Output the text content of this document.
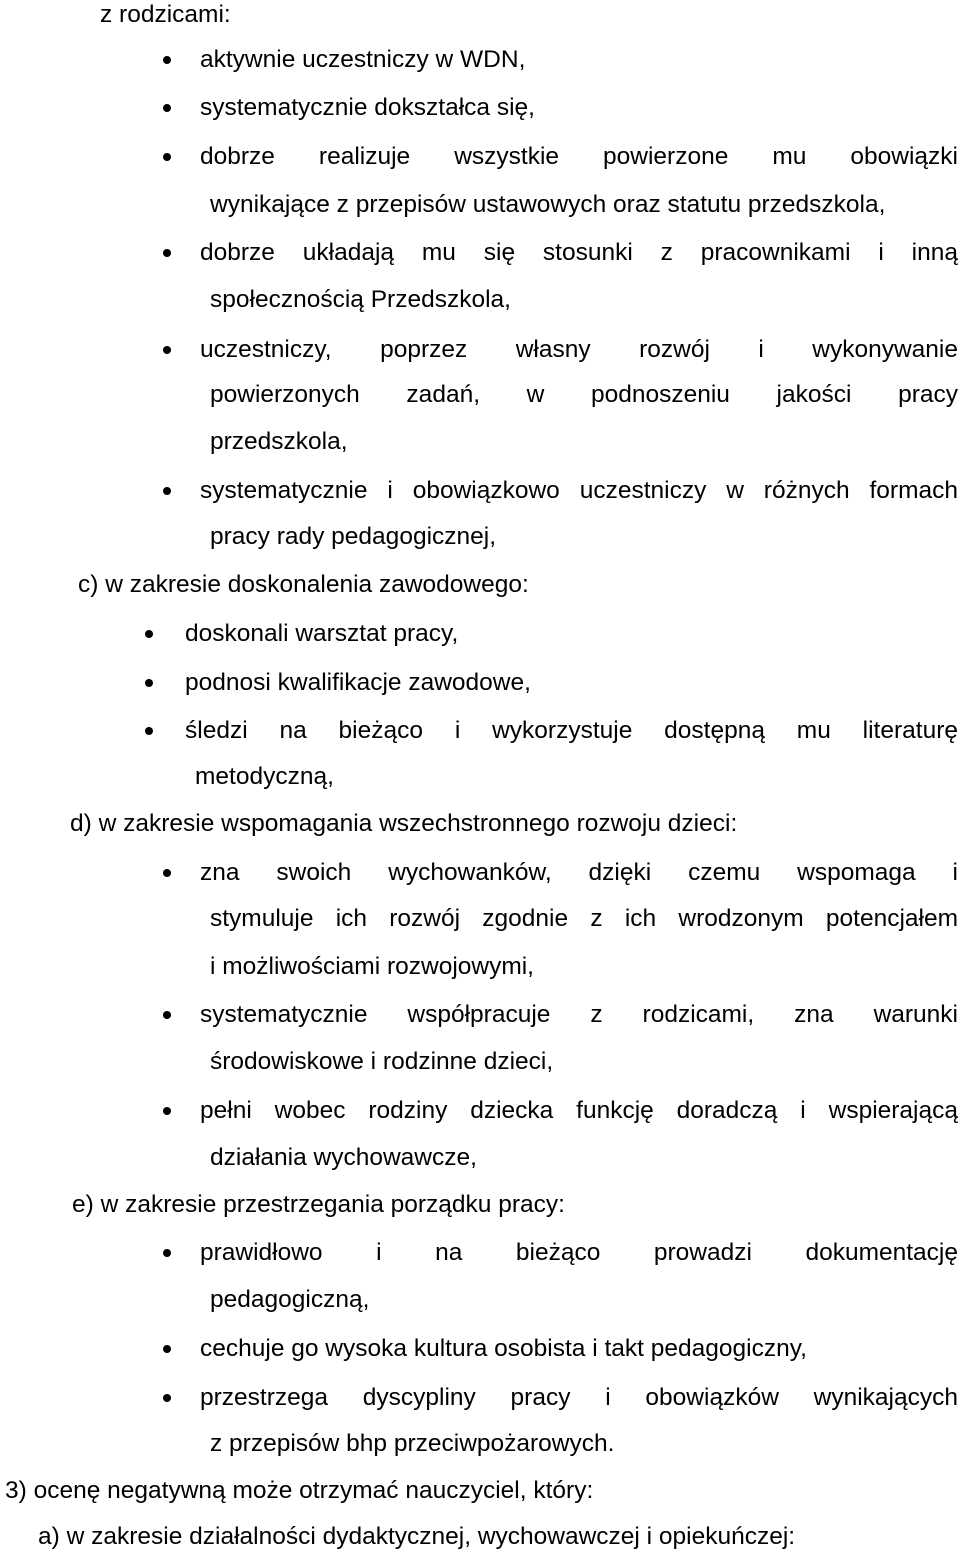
z rodzicami:
aktywnie uczestniczy w WDN,
systematycznie dokształca się,
dobrze realizuje wszystkie powierzone mu obowiązki
wynikające z przepisów ustawowych oraz statutu przedszkola,
dobrze układają mu się stosunki z pracownikami i inną
społecznością Przedszkola,
uczestniczy, poprzez własny rozwój i wykonywanie
powierzonych zadań, w podnoszeniu jakości pracy
przedszkola,
systematycznie i obowiązkowo uczestniczy w różnych formach
pracy rady pedagogicznej,
c) w zakresie doskonalenia zawodowego:
doskonali warsztat pracy,
podnosi kwalifikacje zawodowe,
śledzi na bieżąco i wykorzystuje dostępną mu literaturę
metodyczną,
d) w zakresie wspomagania wszechstronnego rozwoju dzieci:
zna swoich wychowanków, dzięki czemu wspomaga i
stymuluje ich rozwój zgodnie z ich wrodzonym potencjałem
i możliwościami rozwojowymi,
systematycznie współpracuje z rodzicami, zna warunki
środowiskowe i rodzinne dzieci,
pełni wobec rodziny dziecka funkcję doradczą i wspierającą
działania wychowawcze,
e) w zakresie przestrzegania porządku pracy:
prawidłowo i na bieżąco prowadzi dokumentację
pedagogiczną,
cechuje go wysoka kultura osobista i takt pedagogiczny,
przestrzega dyscypliny pracy i obowiązków wynikających
z przepisów bhp przeciwpożarowych.
3) ocenę negatywną może otrzymać nauczyciel, który:
a) w zakresie działalności dydaktycznej, wychowawczej i opiekuńczej:
